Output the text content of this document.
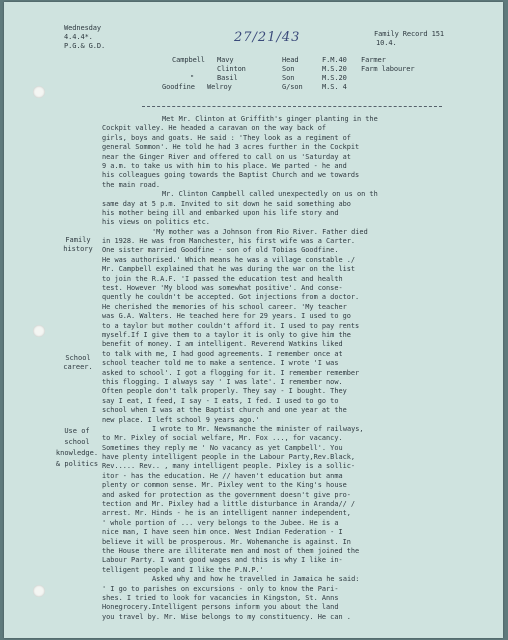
Wednesday
4.4.4*.
P.G.& G.D.
27/21/43	Family Record 151
10.4.
Campbell Mavy	Head	F.M.40 Farmer
Clinton	Son	M.S.20 Farm labourer
"	Basil	Son	M.S.20
Goodfine Welroy	G/son	M.S. 4
Family history
School career.
Use of school knowledge. & politics
Met Mr. Clinton at Griffith's ginger planting in the
Cockpit valley. He headed a caravan on the way back of
girls, boys and goats. He said : 'They look as a regiment of
general Sommon'. He told he had 3 acres further in the Cockpit
near the Ginger River and offered to call on us 'Saturday at
9 a.m. to take us with him to his place. We parted - he and
his colleagues going towards the Baptist Church and we towards
the main road.
Mr. Clinton Campbell called unexpectedly on us on th
same day at 5 p.m. Invited to sit down he said something abo
his mother being ill and embarked upon his life story and
his views on politics etc.
'My mother was a Johnson from Rio River. Father died
in 1928. He was from Manchester, his first wife was a Carter.
One sister married Goodfine - son of old Tobias Goodfine.
He was authorised.' Which means he was a village constable ./
Mr. Campbell explained that he was during the war on the list
to join the R.A.F. 'I passed the education test and health
test. However 'My blood was somewhat positive'. And conse-
quently he couldn't be accepted. Got injections from a doctor.
He cherished the memories of his school career. 'My teacher
was G.A. Walters. He teached here for 29 years. I used to go
to a taylor but mother couldn't afford it. I used to pay rents
myself.If I give them to a taylor it is only to give him the
benefit of money. I am intelligent. Reverend Watkins liked
to talk with me, I had good agreements. I remember once at
school teacher told me to make a sentence. I wrote 'I was
asked to school'. I got a flogging for it. I remember remember
this flogging. I always say ' I was late'. I remember now.
Often people don't talk properly. They say - I bought. They
say I eat, I feed, I say - I eats, I fed. I used to go to
school when I was at the Baptist church and one year at the
new place. I left school 9 years ago.'
I wrote to Mr. Newsmanche the minister of railways,
to Mr. Pixley of social welfare, Mr. Fox ..., for vacancy.
Sometimes they reply me ' No vacancy as yet Campbell'. You
have plenty intelligent people in the Labour Party,Rev.Black,
Rev..... Rev.. , many intelligent people. Pixley is a sollic-
itor - has the education. He // haven't education but anma
plenty or common sense. Mr. Pixley went to the King's house
and asked for protection as the government doesn't give pro-
tection and Mr. Pixley had a little disturbance in Aranda// /
arrest. Mr. Hinds - he is an intelligent nanner independent,
' whole portion of ... very belongs to the Jubee. He is a
nice man, I have seen him once. West Indian Federation - I
believe it will be prosperous. Mr. Wohemanche is against. In
the House there are illiterate men and most of them joined the
Labour Party. I want good wages and this is why I like in-
telligent people and I like the P.N.P.'
Asked why and how he travelled in Jamaica he said:
' I go to parishes on excursions - only to know the Pari-
shes. I tried to look for vacancies in Kingston, St. Anns
Honegrocery.Intelligent persons inform you about the land
you travel by. Mr. Wise belongs to my constituency. He can .
